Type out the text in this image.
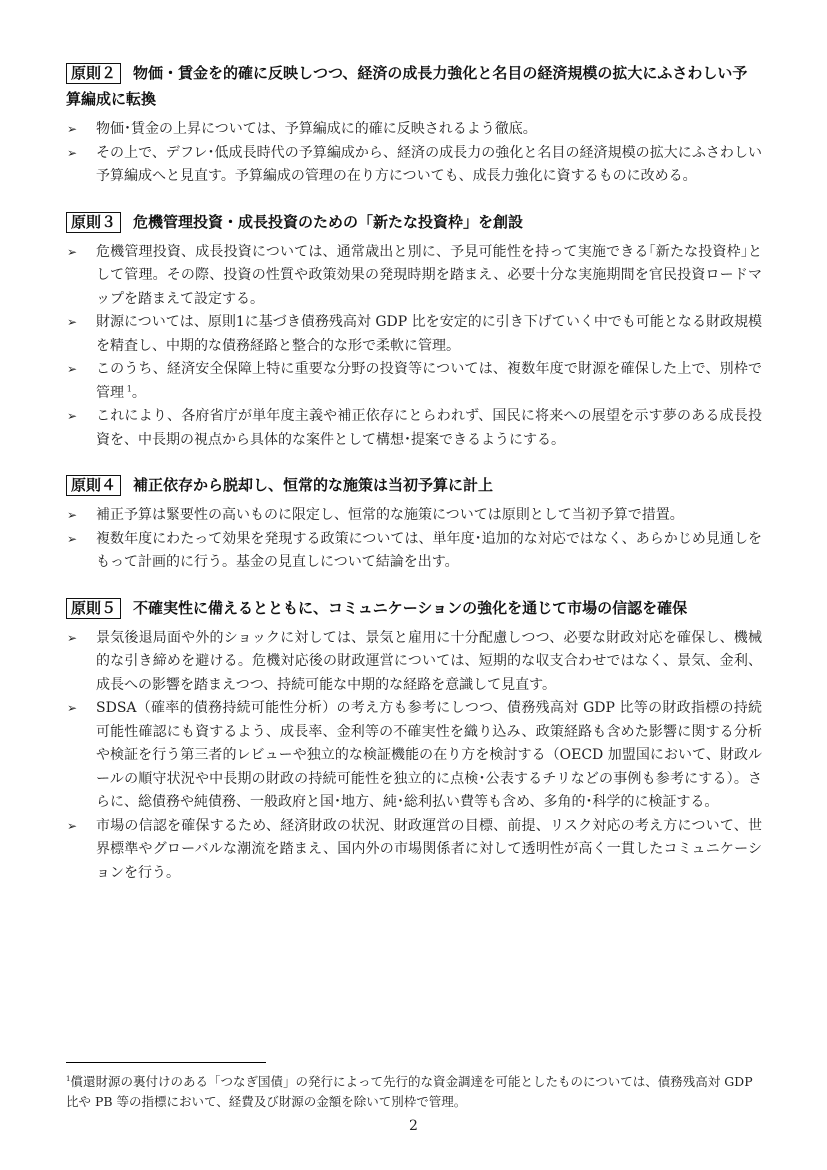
原則２ 物価・賃金を的確に反映しつつ、経済の成長力強化と名目の経済規模の拡大にふさわしい予算編成に転換

➢ 物価･賃金の上昇については、予算編成に的確に反映されるよう徹底。
➢ その上で、デフレ･低成長時代の予算編成から、経済の成長力の強化と名目の経済規模の拡大にふさわしい予算編成へと見直す。予算編成の管理の在り方についても、成長力強化に資するものに改める。

原則３ 危機管理投資・成長投資のための「新たな投資枠」を創設

➢ 危機管理投資、成長投資については、通常歳出と別に、予見可能性を持って実施できる｢新たな投資枠｣として管理。その際、投資の性質や政策効果の発現時期を踏まえ、必要十分な実施期間を官民投資ロードマップを踏まえて設定する。
➢ 財源については、原則1に基づき債務残高対 GDP 比を安定的に引き下げていく中でも可能となる財政規模を精査し、中期的な債務経路と整合的な形で柔軟に管理。
➢ このうち、経済安全保障上特に重要な分野の投資等については、複数年度で財源を確保した上で、別枠で管理  $^1$。
➢ これにより、各府省庁が単年度主義や補正依存にとらわれず、国民に将来への展望を示す夢のある成長投資を、中長期の視点から具体的な案件として構想･提案できるようにする。

原則４ 補正依存から脱却し、恒常的な施策は当初予算に計上

➢ 補正予算は緊要性の高いものに限定し、恒常的な施策については原則として当初予算で措置。
➢ 複数年度にわたって効果を発現する政策については、単年度･追加的な対応ではなく、あらかじめ見通しをもって計画的に行う。基金の見直しについて結論を出す。

原則５ 不確実性に備えるとともに、コミュニケーションの強化を通じて市場の信認を確保

➢ 景気後退局面や外的ショックに対しては、景気と雇用に十分配慮しつつ、必要な財政対応を確保し、機械的な引き締めを避ける。危機対応後の財政運営については、短期的な収支合わせではなく、景気、金利、成長への影響を踏まえつつ、持続可能な中期的な経路を意識して見直す。
➢ SDSA（確率的債務持続可能性分析）の考え方も参考にしつつ、債務残高対 GDP 比等の財政指標の持続可能性確認にも資するよう、成長率、金利等の不確実性を織り込み、政策経路も含めた影響に関する分析や検証を行う第三者的レビューや独立的な検証機能の在り方を検討する（OECD 加盟国において、財政ルールの順守状況や中長期の財政の持続可能性を独立的に点検･公表するチリなどの事例も参考にする）。さらに、総債務や純債務、一般政府と国･地方、純･総利払い費等も含め、多角的･科学的に検証する。
➢ 市場の信認を確保するため、経済財政の状況、財政運営の目標、前提、リスク対応の考え方について、世界標準やグローバルな潮流を踏まえ、国内外の市場関係者に対して透明性が高く一貫したコミュニケーションを行う。
$^1$償還財源の裏付けのある「つなぎ国債」の発行によって先行的な資金調達を可能としたものについては、債務残高対 GDP 比や PB 等の指標において、経費及び財源の金額を除いて別枠で管理。
2
